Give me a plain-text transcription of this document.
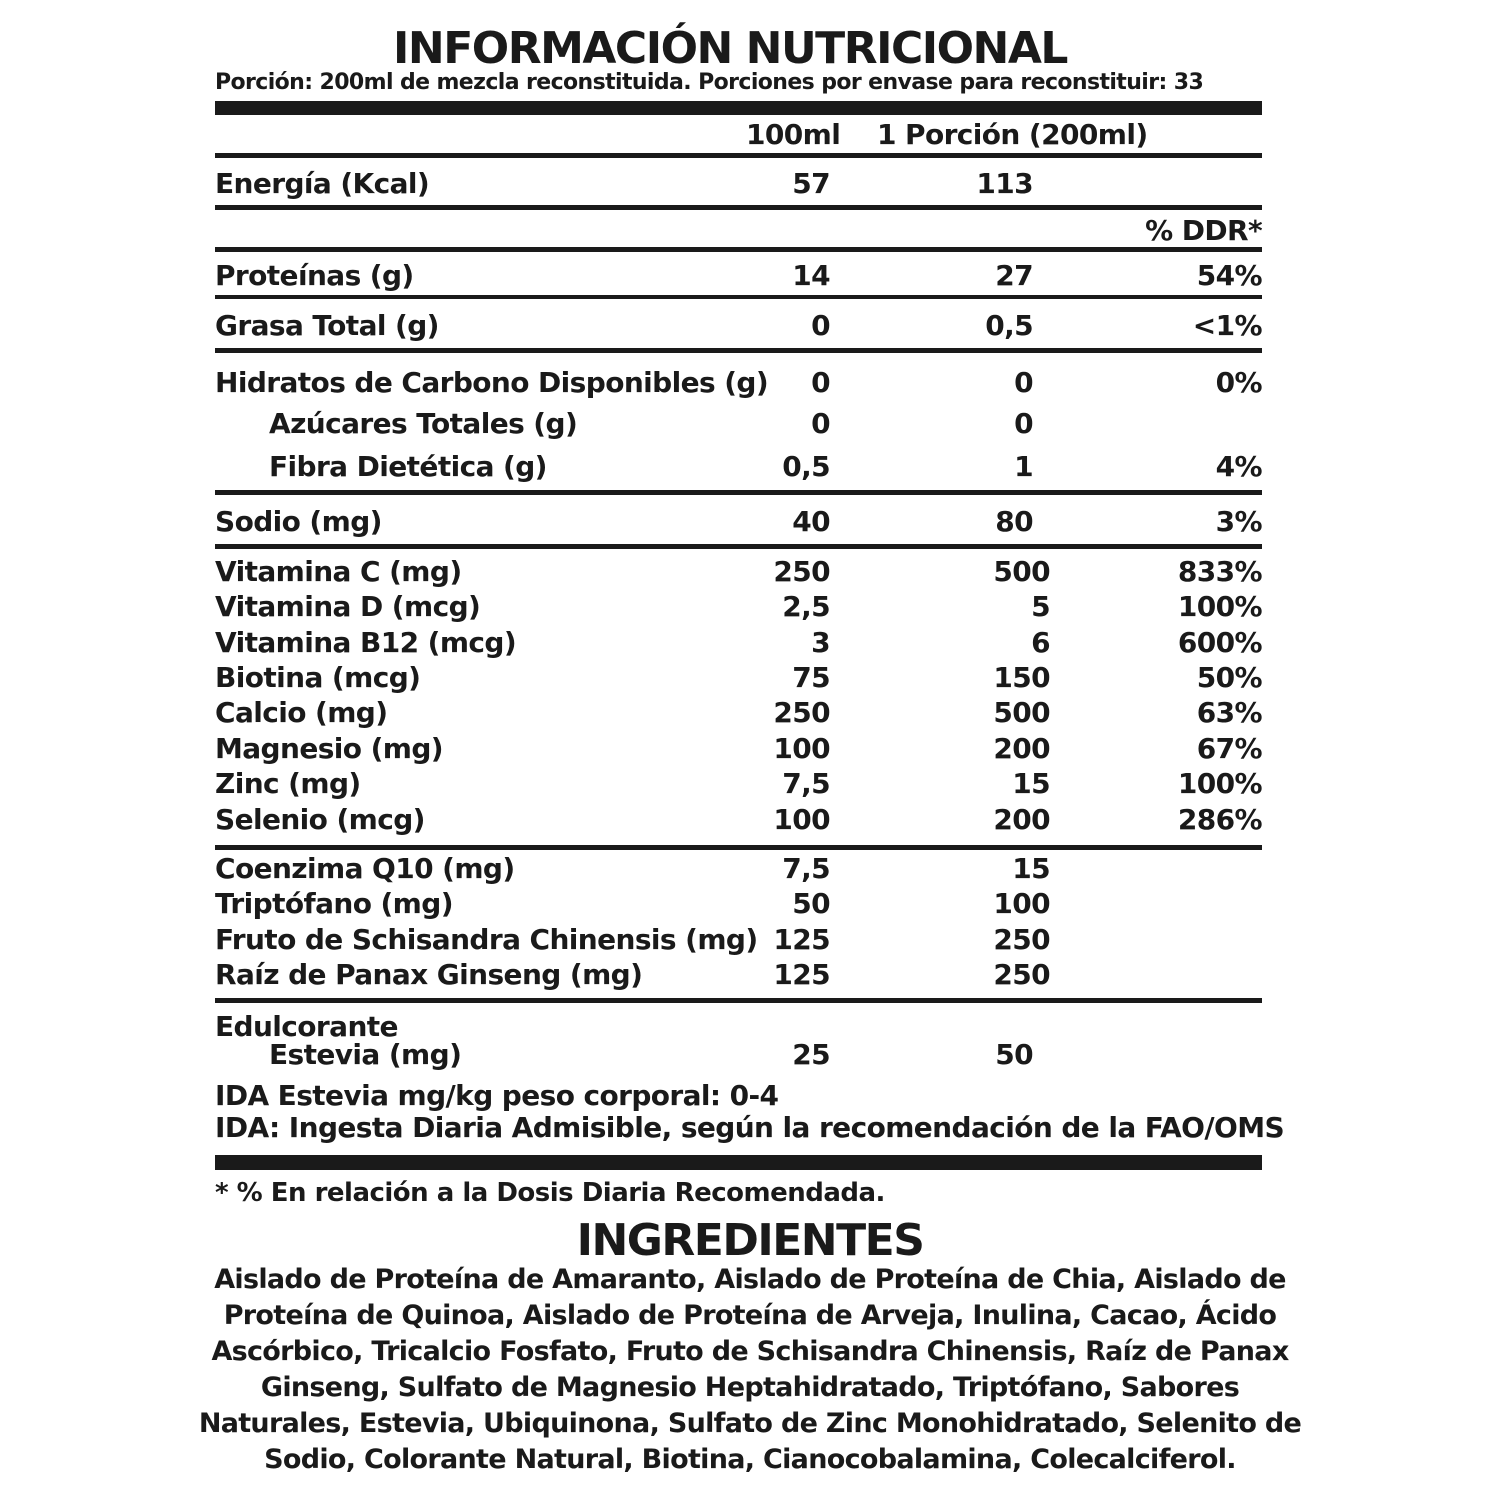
INFORMACIÓN NUTRICIONAL
Porción: 200ml de mezcla reconstituida. Porciones por envase para reconstituir: 33
100ml 1 Porción (200ml)
Energía (Kcal)	57	113
% DDR*
Proteínas (g)	14	27	54%
Grasa Total (g)	0	0,5	<1%
Hidratos de Carbono Disponibles (g) 0	0	0%
Azúcares Totales (g)	0	0
Fibra Dietética (g)	0,5	1	4%
Sodio (mg)	40	80	3%
Vitamina C (mg)	250	500	833%
Vitamina D (mcg)	2,5	5	100%
Vitamina B12 (mcg)	3	6	600%
Biotina (mcg)	75	150	50%
Calcio (mg)	250	500	63%
Magnesio (mg)	100	200	67%
Zinc (mg)	7,5	15	100%
Selenio (mcg)	100	200	286%
Coenzima Q10 (mg)	7,5	15
Triptófano (mg)	50	100
Fruto de Schisandra Chinensis (mg) 125	250
Raíz de Panax Ginseng (mg)	125	250
Edulcorante
Estevia (mg)	25	50
IDA Estevia mg/kg peso corporal: 0-4
IDA: Ingesta Diaria Admisible, según la recomendación de la FAO/OMS
* % En relación a la Dosis Diaria Recomendada.
INGREDIENTES
Aislado de Proteína de Amaranto, Aislado de Proteína de Chia, Aislado de Proteína de Quinoa, Aislado de Proteína de Arveja, Inulina, Cacao, Ácido Ascórbico, Tricalcio Fosfato, Fruto de Schisandra Chinensis, Raíz de Panax Ginseng, Sulfato de Magnesio Heptahidratado, Triptófano, Sabores Naturales, Estevia, Ubiquinona, Sulfato de Zinc Monohidratado, Selenito de Sodio, Colorante Natural, Biotina, Cianocobalamina, Colecalciferol.
